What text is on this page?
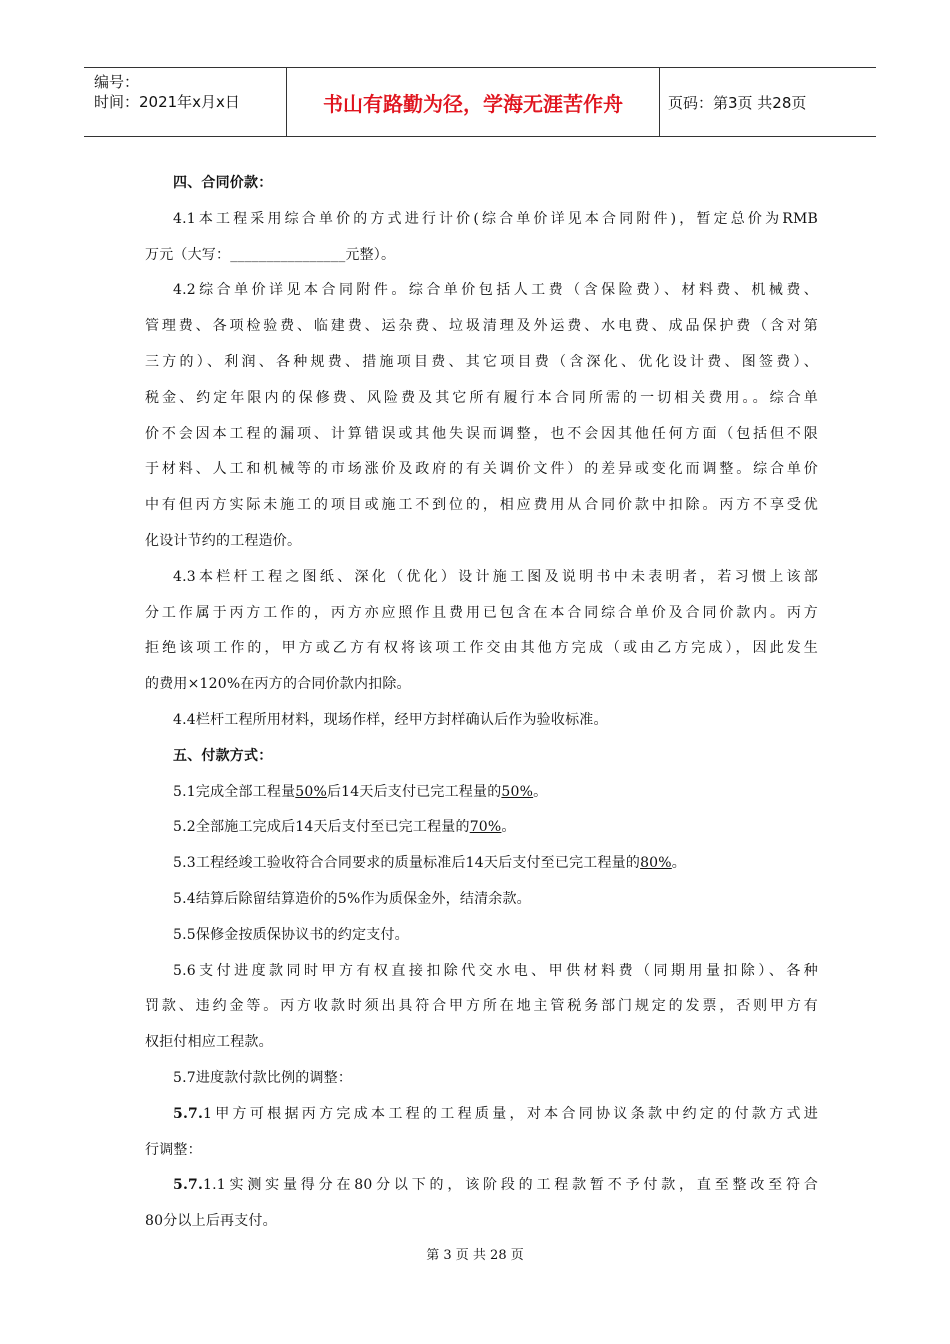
编号：
时间：2021年x月x日	书山有路勤为径，学海无涯苦作舟	页码：第3页 共28页
四、合同价款：
4.1本工程采用综合单价的方式进行计价(综合单价详见本合同附件)，暂定总价为RMB
万元（大写：________________元整）。
4.2综合单价详见本合同附件。综合单价包括人工费（含保险费）、材料费、机械费、
管理费、各项检验费、临建费、运杂费、垃圾清理及外运费、水电费、成品保护费（含对第
三方的）、利润、各种规费、措施项目费、其它项目费（含深化、优化设计费、图签费）、
税金、约定年限内的保修费、风险费及其它所有履行本合同所需的一切相关费用。。综合单
价不会因本工程的漏项、计算错误或其他失误而调整，也不会因其他任何方面（包括但不限
于材料、人工和机械等的市场涨价及政府的有关调价文件）的差异或变化而调整。综合单价
中有但丙方实际未施工的项目或施工不到位的，相应费用从合同价款中扣除。丙方不享受优
化设计节约的工程造价。
4.3本栏杆工程之图纸、深化（优化）设计施工图及说明书中未表明者，若习惯上该部
分工作属于丙方工作的，丙方亦应照作且费用已包含在本合同综合单价及合同价款内。丙方
拒绝该项工作的，甲方或乙方有权将该项工作交由其他方完成（或由乙方完成），因此发生
的费用×120%在丙方的合同价款内扣除。
4.4栏杆工程所用材料，现场作样，经甲方封样确认后作为验收标准。
五、付款方式：
5.1完成全部工程量50%后14天后支付已完工程量的50%。
5.2全部施工完成后14天后支付至已完工程量的70%。
5.3工程经竣工验收符合合同要求的质量标准后14天后支付至已完工程量的80%。
5.4结算后除留结算造价的5%作为质保金外，结清余款。
5.5保修金按质保协议书的约定支付。
5.6支付进度款同时甲方有权直接扣除代交水电、甲供材料费（同期用量扣除）、各种
罚款、违约金等。丙方收款时须出具符合甲方所在地主管税务部门规定的发票，否则甲方有
权拒付相应工程款。
5.7进度款付款比例的调整：
5.7.1甲方可根据丙方完成本工程的工程质量，对本合同协议条款中约定的付款方式进
行调整：
5.7.1.1实测实量得分在80分以下的，该阶段的工程款暂不予付款，直至整改至符合
80分以上后再支付。
第 3 页 共 28 页
